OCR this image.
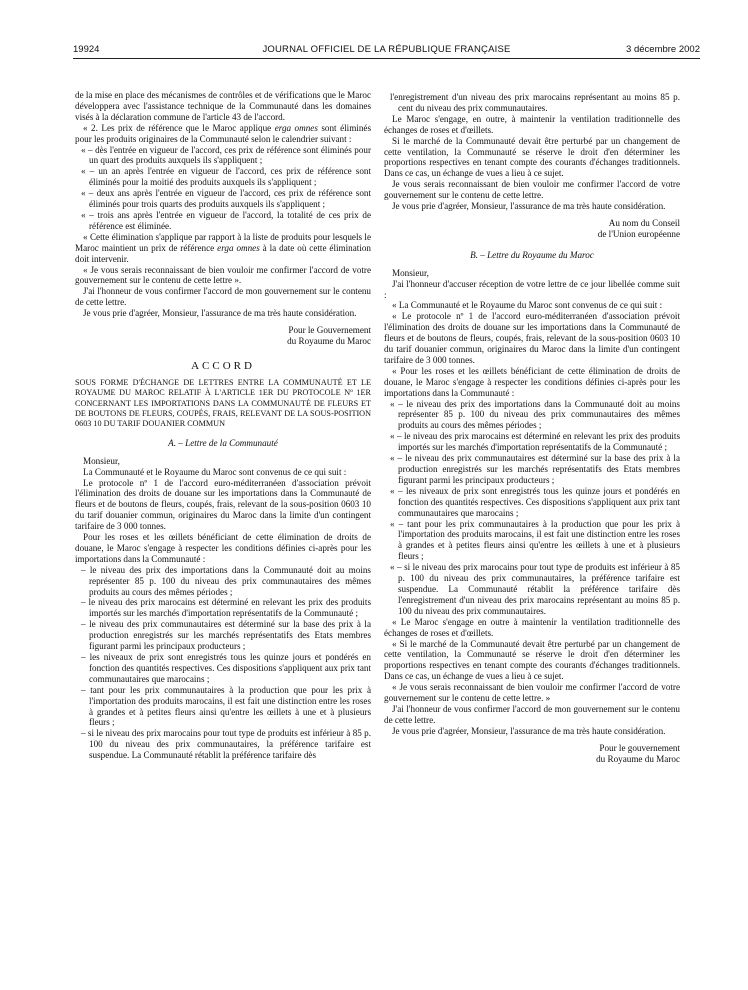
19924	JOURNAL OFFICIEL DE LA RÉPUBLIQUE FRANÇAISE	3 décembre 2002

de la mise en place des mécanismes de contrôles et de vérifications que le Maroc développera avec l'assistance technique de la Communauté dans les domaines visés à la déclaration commune de l'article 43 de l'accord.

« 2. Les prix de référence que le Maroc applique erga omnes sont éliminés pour les produits originaires de la Communauté selon le calendrier suivant :

« – dès l'entrée en vigueur de l'accord, ces prix de référence sont éliminés pour un quart des produits auxquels ils s'appliquent ;

« – un an après l'entrée en vigueur de l'accord, ces prix de référence sont éliminés pour la moitié des produits auxquels ils s'appliquent ;

« – deux ans après l'entrée en vigueur de l'accord, ces prix de référence sont éliminés pour trois quarts des produits auxquels ils s'appliquent ;

« – trois ans après l'entrée en vigueur de l'accord, la totalité de ces prix de référence est éliminée.

« Cette élimination s'applique par rapport à la liste de produits pour lesquels le Maroc maintient un prix de référence erga omnes à la date où cette élimination doit intervenir.

« Je vous serais reconnaissant de bien vouloir me confirmer l'accord de votre gouvernement sur le contenu de cette lettre ».

J'ai l'honneur de vous confirmer l'accord de mon gouvernement sur le contenu de cette lettre.

Je vous prie d'agréer, Monsieur, l'assurance de ma très haute considération.

Pour le Gouvernement

du Royaume du Maroc

ACCORD

SOUS FORME D'ÉCHANGE DE LETTRES ENTRE LA COMMUNAUTÉ ET LE ROYAUME DU MAROC RELATIF À L'ARTICLE 1ER DU PROTOCOLE Nº 1ER CONCERNANT LES IMPORTATIONS DANS LA COMMUNAUTÉ DE FLEURS ET DE BOUTONS DE FLEURS, COUPÉS, FRAIS, RELEVANT DE LA SOUS-POSITION 0603 10 DU TARIF DOUANIER COMMUN

A. – Lettre de la Communauté

Monsieur,

La Communauté et le Royaume du Maroc sont convenus de ce qui suit :

Le protocole nº 1 de l'accord euro-méditerranéen d'association prévoit l'élimination des droits de douane sur les importations dans la Communauté de fleurs et de boutons de fleurs, coupés, frais, relevant de la sous-position 0603 10 du tarif douanier commun, originaires du Maroc dans la limite d'un contingent tarifaire de 3 000 tonnes.

Pour les roses et les œillets bénéficiant de cette élimination de droits de douane, le Maroc s'engage à respecter les conditions définies ci-après pour les importations dans la Communauté :

– le niveau des prix des importations dans la Communauté doit au moins représenter 85 p. 100 du niveau des prix communautaires des mêmes produits au cours des mêmes périodes ;

– le niveau des prix marocains est déterminé en relevant les prix des produits importés sur les marchés d'importation représentatifs de la Communauté ;

– le niveau des prix communautaires est déterminé sur la base des prix à la production enregistrés sur les marchés représentatifs des Etats membres figurant parmi les principaux producteurs ;

– les niveaux de prix sont enregistrés tous les quinze jours et pondérés en fonction des quantités respectives. Ces dispositions s'appliquent aux prix tant communautaires que marocains ;

– tant pour les prix communautaires à la production que pour les prix à l'importation des produits marocains, il est fait une distinction entre les roses à grandes et à petites fleurs ainsi qu'entre les œillets à une et à plusieurs fleurs ;

– si le niveau des prix marocains pour tout type de produits est inférieur à 85 p. 100 du niveau des prix communautaires, la préférence tarifaire est suspendue. La Communauté rétablit la préférence tarifaire dès

l'enregistrement d'un niveau des prix marocains représentant au moins 85 p. cent du niveau des prix communautaires.

Le Maroc s'engage, en outre, à maintenir la ventilation traditionnelle des échanges de roses et d'œillets.

Si le marché de la Communauté devait être perturbé par un changement de cette ventilation, la Communauté se réserve le droit d'en déterminer les proportions respectives en tenant compte des courants d'échanges traditionnels. Dans ce cas, un échange de vues a lieu à ce sujet.

Je vous serais reconnaissant de bien vouloir me confirmer l'accord de votre gouvernement sur le contenu de cette lettre.

Je vous prie d'agréer, Monsieur, l'assurance de ma très haute considération.

Au nom du Conseil

de l'Union européenne

B. – Lettre du Royaume du Maroc

Monsieur,

J'ai l'honneur d'accuser réception de votre lettre de ce jour libellée comme suit :

« La Communauté et le Royaume du Maroc sont convenus de ce qui suit :

« Le protocole nº 1 de l'accord euro-méditerranéen d'association prévoit l'élimination des droits de douane sur les importations dans la Communauté de fleurs et de boutons de fleurs, coupés, frais, relevant de la sous-position 0603 10 du tarif douanier commun, originaires du Maroc dans la limite d'un contingent tarifaire de 3 000 tonnes.

« Pour les roses et les œillets bénéficiant de cette élimination de droits de douane, le Maroc s'engage à respecter les conditions définies ci-après pour les importations dans la Communauté :

« – le niveau des prix des importations dans la Communauté doit au moins représenter 85 p. 100 du niveau des prix communautaires des mêmes produits au cours des mêmes périodes ;

« – le niveau des prix marocains est déterminé en relevant les prix des produits importés sur les marchés d'importation représentatifs de la Communauté ;

« – le niveau des prix communautaires est déterminé sur la base des prix à la production enregistrés sur les marchés représentatifs des Etats membres figurant parmi les principaux producteurs ;

« – les niveaux de prix sont enregistrés tous les quinze jours et pondérés en fonction des quantités respectives. Ces dispositions s'appliquent aux prix tant communautaires que marocains ;

« – tant pour les prix communautaires à la production que pour les prix à l'importation des produits marocains, il est fait une distinction entre les roses à grandes et à petites fleurs ainsi qu'entre les œillets à une et à plusieurs fleurs ;

« – si le niveau des prix marocains pour tout type de produits est inférieur à 85 p. 100 du niveau des prix communautaires, la préférence tarifaire est suspendue. La Communauté rétablit la préférence tarifaire dès l'enregistrement d'un niveau des prix marocains représentant au moins 85 p. 100 du niveau des prix communautaires.

« Le Maroc s'engage en outre à maintenir la ventilation traditionnelle des échanges de roses et d'œillets.

« Si le marché de la Communauté devait être perturbé par un changement de cette ventilation, la Communauté se réserve le droit d'en déterminer les proportions respectives en tenant compte des courants d'échanges traditionnels. Dans ce cas, un échange de vues a lieu à ce sujet.

« Je vous serais reconnaissant de bien vouloir me confirmer l'accord de votre gouvernement sur le contenu de cette lettre. »

J'ai l'honneur de vous confirmer l'accord de mon gouvernement sur le contenu de cette lettre.

Je vous prie d'agréer, Monsieur, l'assurance de ma très haute considération.

Pour le gouvernement

du Royaume du Maroc
